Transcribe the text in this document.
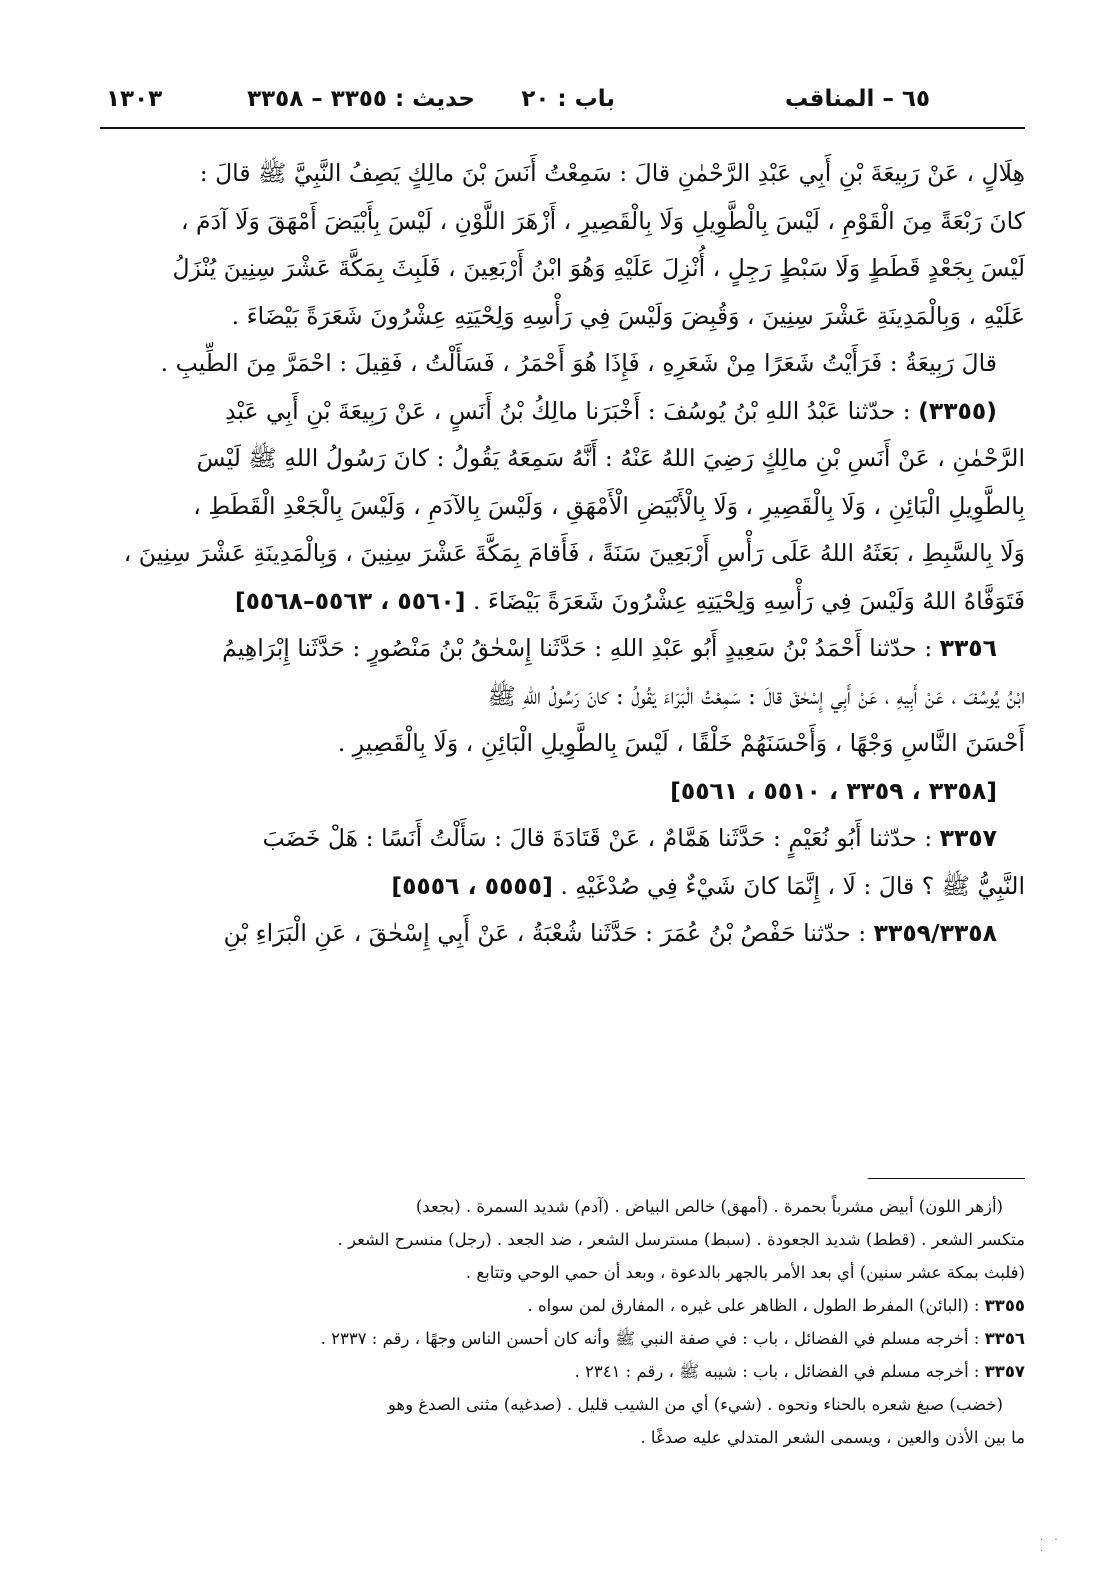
٦٥ – المناقب
باب : ٢٠
حديث : ٣٣٥٥ – ٣٣٥٨
١٣٠٣
هِلَالٍ ، عَنْ رَبِيعَةَ بْنِ أَبِي عَبْدِ الرَّحْمٰنِ قالَ : سَمِعْتُ أَنَسَ بْنَ مالِكٍ يَصِفُ النَّبِيَّ ﷺ قالَ :
كانَ رَبْعَةً مِنَ الْقَوْمِ ، لَيْسَ بِالْطَّوِيلِ وَلَا بِالْقَصِيرِ ، أَزْهَرَ اللَّوْنِ ، لَيْسَ بِأَبْيَضَ أَمْهَقَ وَلَا آدَمَ ،
لَيْسَ بِجَعْدٍ قَطَطٍ وَلَا سَبْطٍ رَجِلٍ ، أُنْزِلَ عَلَيْهِ وَهُوَ ابْنُ أَرْبَعِينَ ، فَلَبِثَ بِمَكَّةَ عَشْرَ سِنِينَ يُنْزَلُ
عَلَيْهِ ، وَبِالْمَدِينَةِ عَشْرَ سِنِينَ ، وَقُبِضَ وَلَيْسَ فِي رَأْسِهِ وَلِحْيَتِهِ عِشْرُونَ شَعَرَةً بَيْضَاءَ .
قالَ رَبِيعَةُ : فَرَأَيْتُ شَعَرًا مِنْ شَعَرِهِ ، فَإِذَا هُوَ أَحْمَرُ ، فَسَأَلْتُ ، فَقِيلَ : احْمَرَّ مِنَ الطِّيبِ .
(٣٣٥٥) : حدّثنا عَبْدُ اللهِ بْنُ يُوسُفَ : أَخْبَرَنا مالِكُ بْنُ أَنَسٍ ، عَنْ رَبِيعَةَ بْنِ أَبِي عَبْدِ
الرَّحْمٰنِ ، عَنْ أَنَسِ بْنِ مالِكٍ رَضِيَ اللهُ عَنْهُ : أَنَّهُ سَمِعَهُ يَقُولُ : كانَ رَسُولُ اللهِ ﷺ لَيْسَ
بِالطَّوِيلِ الْبَائِنِ ، وَلَا بِالْقَصِيرِ ، وَلَا بِالْأَبْيَضِ الْأَمْهَقِ ، وَلَيْسَ بِالآدَمِ ، وَلَيْسَ بِالْجَعْدِ الْقَطَطِ ،
وَلَا بِالسَّبِطِ ، بَعَثَهُ اللهُ عَلَى رَأْسِ أَرْبَعِينَ سَنَةً ، فَأَقامَ بِمَكَّةَ عَشْرَ سِنِينَ ، وَبِالْمَدِينَةِ عَشْرَ سِنِينَ ،
فَتَوَفَّاهُ اللهُ وَلَيْسَ فِي رَأْسِهِ وَلِحْيَتِهِ عِشْرُونَ شَعَرَةً بَيْضَاءَ . [٥٥٦٠ ، ٥٥٦٣–٥٥٦٨]
٣٣٥٦ : حدّثنا أَحْمَدُ بْنُ سَعِيدٍ أَبُو عَبْدِ اللهِ : حَدَّثَنا إِسْحٰقُ بْنُ مَنْصُورٍ : حَدَّثَنا إِبْرَاهِيمُ
ابْنُ يُوسُفَ ، عَنْ أَبِيهِ ، عَنْ أَبِي إِسْحٰقَ قالَ : سَمِعْتُ الْبَرَاءَ يَقُولُ : كانَ رَسُولُ اللهِ ﷺ
أَحْسَنَ النَّاسِ وَجْهًا ، وَأَحْسَنَهُمْ خَلْقًا ، لَيْسَ بِالطَّوِيلِ الْبَائِنِ ، وَلَا بِالْقَصِيرِ .
[٣٣٥٨ ، ٣٣٥٩ ، ٥٥١٠ ، ٥٥٦١]
٣٣٥٧ : حدّثنا أَبُو نُعَيْمٍ : حَدَّثَنا هَمَّامٌ ، عَنْ قَتَادَةَ قالَ : سَأَلْتُ أَنَسًا : هَلْ خَضَبَ
النَّبِيُّ ﷺ ؟ قالَ : لَا ، إِنَّمَا كانَ شَيْءٌ فِي صُدْغَيْهِ . [٥٥٥٥ ، ٥٥٥٦]
٣٣٥٩/٣٣٥٨ : حدّثنا حَفْصُ بْنُ عُمَرَ : حَدَّثَنا شُعْبَةُ ، عَنْ أَبِي إِسْحٰقَ ، عَنِ الْبَرَاءِ بْنِ

(أزهر اللون) أبيض مشرباً بحمرة . (أمهق) خالص البياض . (آدم) شديد السمرة . (بجعد)

متكسر الشعر . (قطط) شديد الجعودة . (سبط) مسترسل الشعر ، ضد الجعد . (رجل) منسرح الشعر .

(فلبث بمكة عشر سنين) أي بعد الأمر بالجهر بالدعوة ، وبعد أن حمي الوحي وتتابع .

٣٣٥٥ : (البائن) المفرط الطول ، الظاهر على غيره ، المفارق لمن سواه .

٣٣٥٦ : أخرجه مسلم في الفضائل ، باب : في صفة النبي ﷺ وأنه كان أحسن الناس وجهًا ، رقم : ٢٣٣٧ .

٣٣٥٧ : أخرجه مسلم في الفضائل ، باب : شيبه ﷺ ، رقم : ٢٣٤١ .

(خضب) صبغ شعره بالحناء ونحوه . (شيء) أي من الشيب قليل . (صدغيه) مثنى الصدغ وهو

ما بين الأذن والعين ، ويسمى الشعر المتدلي عليه صدغًا .

· ·
·
